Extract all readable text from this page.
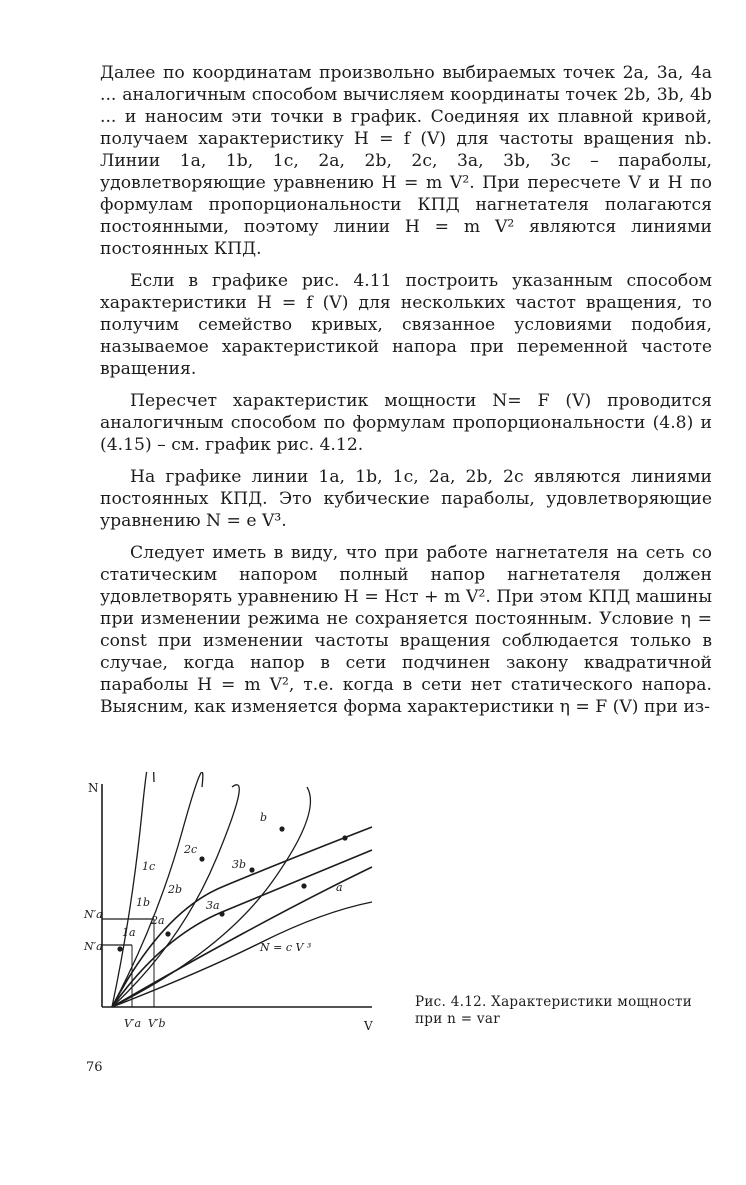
Далее по координатам произвольно выбираемых точек 2a, 3a, 4a ... аналогичным способом вычисляем координаты точек 2b, 3b, 4b ... и наносим эти точки в график. Соединяя их плавной кривой, получаем характеристику H = f (V) для частоты вращения nb. Линии 1a, 1b, 1c, 2a, 2b, 2c, 3a, 3b, 3c – параболы, удовлетворяющие уравнению H = m V². При пересчете V и H по формулам пропорциональности КПД нагнетателя полагаются постоянными, поэтому линии H = m V² являются линиями постоянных КПД.

Если в графике рис. 4.11 построить указанным способом характеристики H = f (V) для нескольких частот вращения, то получим семейство кривых, связанное условиями подобия, называемое характеристикой напора при переменной частоте вращения.

Пересчет характеристик мощности N= F (V) проводится аналогичным способом по формулам пропорциональности (4.8) и (4.15) – см. график рис. 4.12.

На графике линии 1a, 1b, 1c, 2a, 2b, 2c являются линиями постоянных КПД. Это кубические параболы, удовлетворяющие уравнению N = e V³.

Следует иметь в виду, что при работе нагнетателя на сеть со статическим напором полный напор нагнетателя должен удовлетворять уравнению H = Hст + m V². При этом КПД машины при изменении режима не сохраняется постоянным. Условие η = const при изменении частоты вращения соблюдается только в случае, когда напор в сети подчинен закону квадратичной параболы H = m V², т.е. когда в сети нет статического напора. Выясним, как изменяется форма характеристики η = F (V) при из-

N
V
N′a
N′a
V′a V′b
1c
1b
1a
2c
2b
2a
3a
3b
a
b
N = c V ³
Рис. 4.12. Характеристики мощности при n = var
76
